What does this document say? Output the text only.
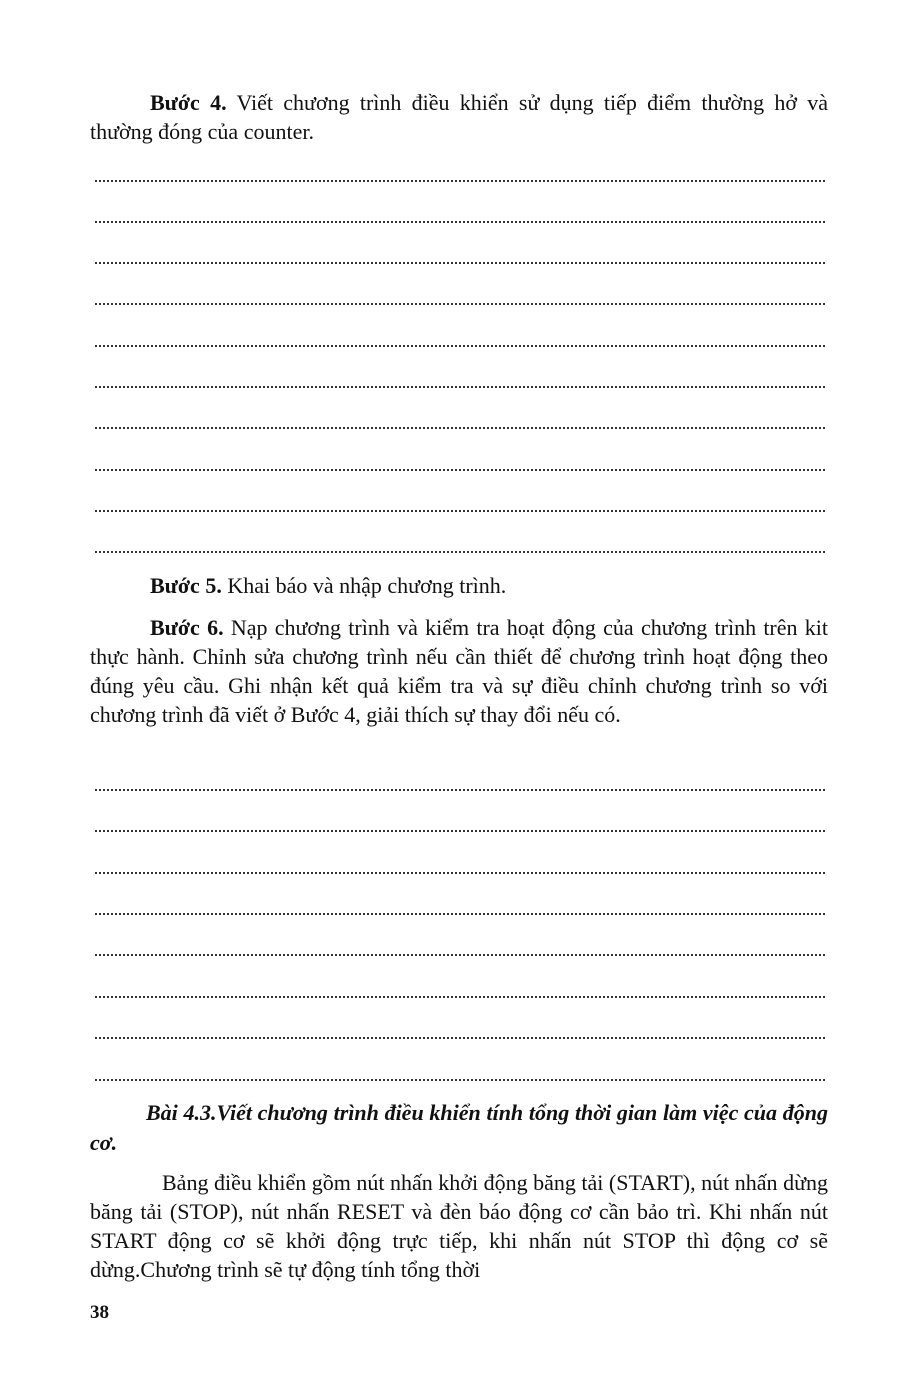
Bước 4. Viết chương trình điều khiển sử dụng tiếp điểm thường hở và thường đóng của counter.

Bước 5. Khai báo và nhập chương trình.

Bước 6. Nạp chương trình và kiểm tra hoạt động của chương trình trên kit thực hành. Chỉnh sửa chương trình nếu cần thiết để chương trình hoạt động theo đúng yêu cầu. Ghi nhận kết quả kiểm tra và sự điều chỉnh chương trình so với chương trình đã viết ở Bước 4, giải thích sự thay đổi nếu có.

Bài 4.3.Viết chương trình điều khiển tính tổng thời gian làm việc của động cơ.

Bảng điều khiển gồm nút nhấn khởi động băng tải (START), nút nhấn dừng băng tải (STOP), nút nhấn RESET và đèn báo động cơ cần bảo trì. Khi nhấn nút START động cơ sẽ khởi động trực tiếp, khi nhấn nút STOP thì động cơ sẽ dừng.Chương trình sẽ tự động tính tổng thời

38
